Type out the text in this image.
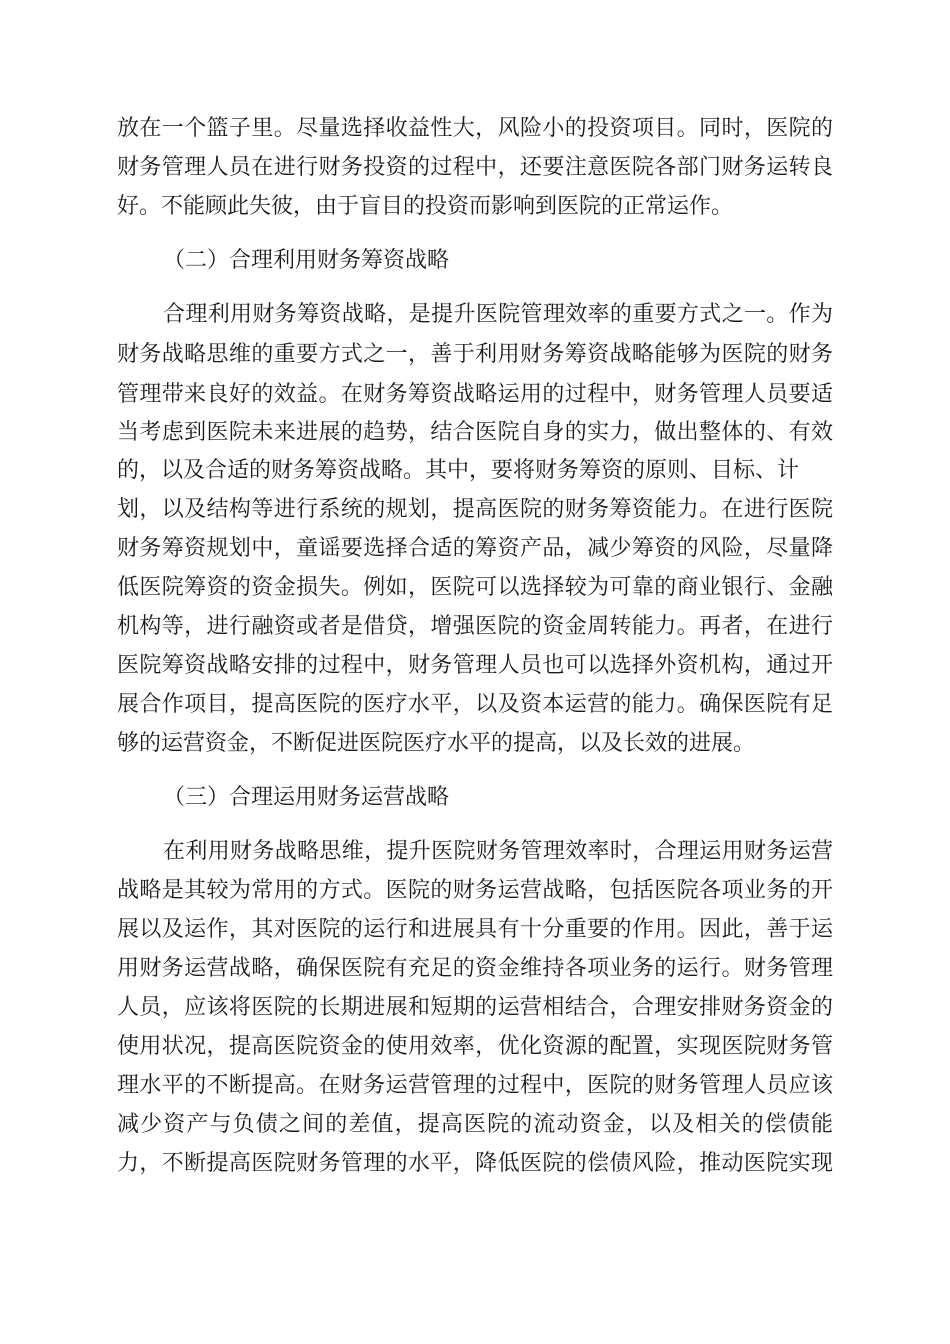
放在一个篮子里。尽量选择收益性大，风险小的投资项目。同时，医院的
财务管理人员在进行财务投资的过程中，还要注意医院各部门财务运转良
好。不能顾此失彼，由于盲目的投资而影响到医院的正常运作。
（二）合理利用财务筹资战略
合理利用财务筹资战略，是提升医院管理效率的重要方式之一。作为
财务战略思维的重要方式之一，善于利用财务筹资战略能够为医院的财务
管理带来良好的效益。在财务筹资战略运用的过程中，财务管理人员要适
当考虑到医院未来进展的趋势，结合医院自身的实力，做出整体的、有效
的，以及合适的财务筹资战略。其中，要将财务筹资的原则、目标、计
划，以及结构等进行系统的规划，提高医院的财务筹资能力。在进行医院
财务筹资规划中，童谣要选择合适的筹资产品，减少筹资的风险，尽量降
低医院筹资的资金损失。例如，医院可以选择较为可靠的商业银行、金融
机构等，进行融资或者是借贷，增强医院的资金周转能力。再者，在进行
医院筹资战略安排的过程中，财务管理人员也可以选择外资机构，通过开
展合作项目，提高医院的医疗水平，以及资本运营的能力。确保医院有足
够的运营资金，不断促进医院医疗水平的提高，以及长效的进展。
（三）合理运用财务运营战略
在利用财务战略思维，提升医院财务管理效率时，合理运用财务运营
战略是其较为常用的方式。医院的财务运营战略，包括医院各项业务的开
展以及运作，其对医院的运行和进展具有十分重要的作用。因此，善于运
用财务运营战略，确保医院有充足的资金维持各项业务的运行。财务管理
人员，应该将医院的长期进展和短期的运营相结合，合理安排财务资金的
使用状况，提高医院资金的使用效率，优化资源的配置，实现医院财务管
理水平的不断提高。在财务运营管理的过程中，医院的财务管理人员应该
减少资产与负债之间的差值，提高医院的流动资金，以及相关的偿债能
力，不断提高医院财务管理的水平，降低医院的偿债风险，推动医院实现
